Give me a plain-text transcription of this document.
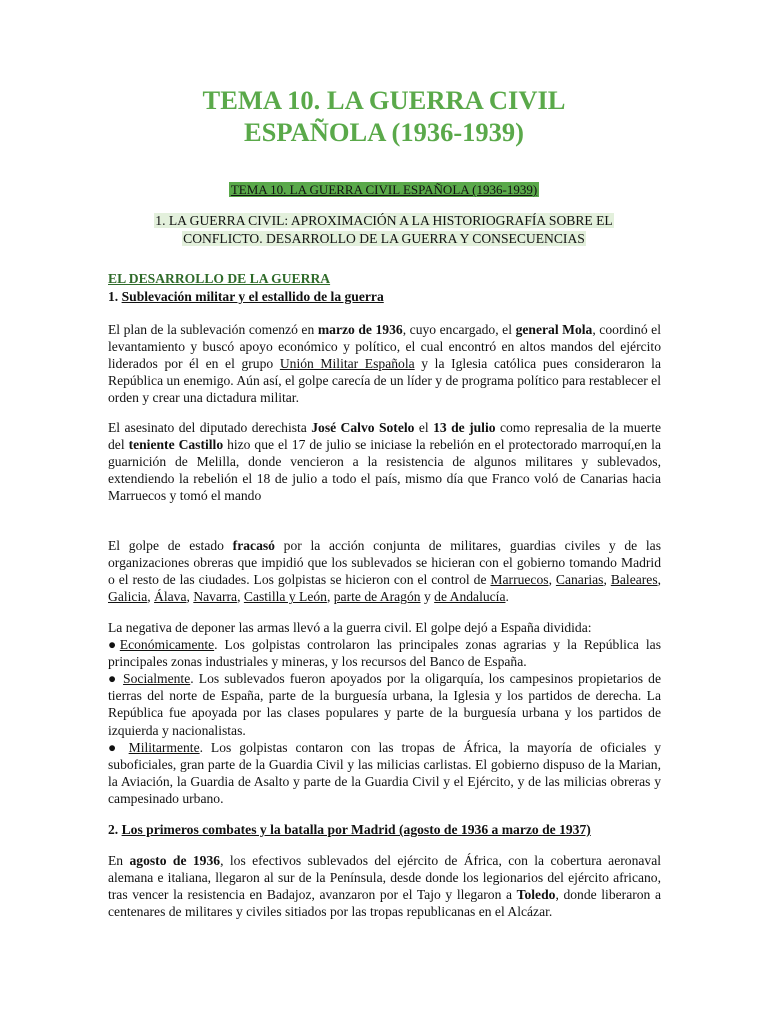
TEMA 10. LA GUERRA CIVIL
ESPAÑOLA (1936-1939)
TEMA 10. LA GUERRA CIVIL ESPAÑOLA (1936-1939)
1. LA GUERRA CIVIL: APROXIMACIÓN A LA HISTORIOGRAFÍA SOBRE EL
CONFLICTO. DESARROLLO DE LA GUERRA Y CONSECUENCIAS
EL DESARROLLO DE LA GUERRA
1. Sublevación militar y el estallido de la guerra
El plan de la sublevación comenzó en marzo de 1936, cuyo encargado, el general Mola, coordinó el levantamiento y buscó apoyo económico y político, el cual encontró en altos mandos del ejército liderados por él en el grupo Unión Militar Española y la Iglesia católica pues consideraron la República un enemigo. Aún así, el golpe carecía de un líder y de programa político para restablecer el orden y crear una dictadura militar.
El asesinato del diputado derechista José Calvo Sotelo el 13 de julio como represalia de la muerte del teniente Castillo hizo que el 17 de julio se iniciase la rebelión en el protectorado marroquí,en la guarnición de Melilla, donde vencieron a la resistencia de algunos militares y sublevados, extendiendo la rebelión el 18 de julio a todo el país, mismo día que Franco voló de Canarias hacia Marruecos y tomó el mando
El golpe de estado fracasó por la acción conjunta de militares, guardias civiles y de las organizaciones obreras que impidió que los sublevados se hicieran con el gobierno tomando Madrid o el resto de las ciudades. Los golpistas se hicieron con el control de Marruecos, Canarias, Baleares, Galicia, Álava, Navarra, Castilla y León, parte de Aragón y de Andalucía.
La negativa de deponer las armas llevó a la guerra civil. El golpe dejó a España dividida:
●Económicamente. Los golpistas controlaron las principales zonas agrarias y la República las principales zonas industriales y mineras, y los recursos del Banco de España.
● Socialmente. Los sublevados fueron apoyados por la oligarquía, los campesinos propietarios de tierras del norte de España, parte de la burguesía urbana, la Iglesia y los partidos de derecha. La República fue apoyada por las clases populares y parte de la burguesía urbana y los partidos de izquierda y nacionalistas.
● Militarmente. Los golpistas contaron con las tropas de África, la mayoría de oficiales y suboficiales, gran parte de la Guardia Civil y las milicias carlistas. El gobierno dispuso de la Marian, la Aviación, la Guardia de Asalto y parte de la Guardia Civil y el Ejército, y de las milicias obreras y campesinado urbano.
2. Los primeros combates y la batalla por Madrid (agosto de 1936 a marzo de 1937)
En agosto de 1936, los efectivos sublevados del ejército de África, con la cobertura aeronaval alemana e italiana, llegaron al sur de la Península, desde donde los legionarios del ejército africano, tras vencer la resistencia en Badajoz, avanzaron por el Tajo y llegaron a Toledo, donde liberaron a centenares de militares y civiles sitiados por las tropas republicanas en el Alcázar.
